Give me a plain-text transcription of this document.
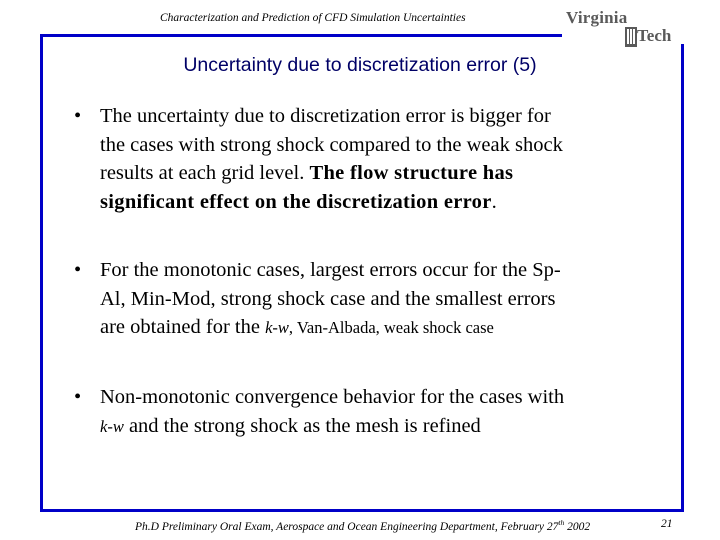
Characterization and Prediction of CFD Simulation Uncertainties	Virginia
Tech
Uncertainty due to discretization error (5)
• The uncertainty due to discretization error is bigger for
the cases with strong shock compared to the weak shock
results at each grid level. The flow structure has
significant effect on the discretization error.
• For the monotonic cases, largest errors occur for the Sp-
Al, Min-Mod, strong shock case and the smallest errors
are obtained for the k-w, Van-Albada, weak shock case
• Non-monotonic convergence behavior for the cases with
k-w and the strong shock as the mesh is refined
Ph.D Preliminary Oral Exam, Aerospace and Ocean Engineering Department, February 27th 2002	21
